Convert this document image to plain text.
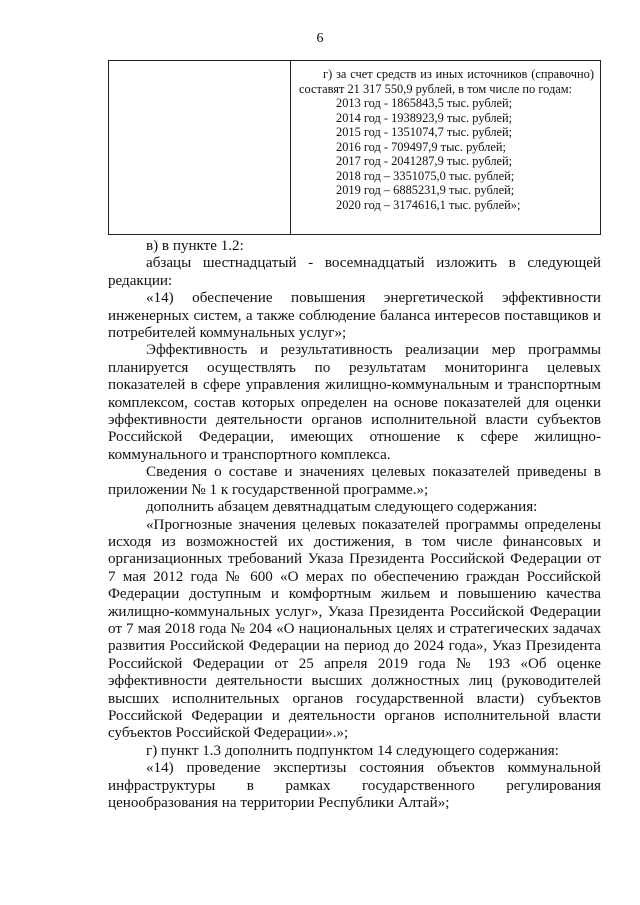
6
г) за счет средств из иных источников (справочно) составят 21 317 550,9 рублей, в том числе по годам:
2013 год - 1865843,5 тыс. рублей;
2014 год - 1938923,9 тыс. рублей;
2015 год - 1351074,7 тыс. рублей;
2016 год - 709497,9 тыс. рублей;
2017 год - 2041287,9 тыс. рублей;
2018 год – 3351075,0 тыс. рублей;
2019 год – 6885231,9 тыс. рублей;
2020 год – 3174616,1 тыс. рублей»;

в) в пункте 1.2:

абзацы шестнадцатый - восемнадцатый изложить в следующей редакции:

«14) обеспечение повышения энергетической эффективности инженерных систем, а также соблюдение баланса интересов поставщиков и потребителей коммунальных услуг»;

Эффективность и результативность реализации мер программы планируется осуществлять по результатам мониторинга целевых показателей в сфере управления жилищно-коммунальным и транспортным комплексом, состав которых определен на основе показателей для оценки эффективности деятельности органов исполнительной власти субъектов Российской Федерации, имеющих отношение к сфере жилищно-коммунального и транспортного комплекса.

Сведения о составе и значениях целевых показателей приведены в приложении № 1 к государственной программе.»;

дополнить абзацем девятнадцатым следующего содержания:

«Прогнозные значения целевых показателей программы определены исходя из возможностей их достижения, в том числе финансовых и организационных требований Указа Президента Российской Федерации от 7 мая 2012 года № 600 «О мерах по обеспечению граждан Российской Федерации доступным и комфортным жильем и повышению качества жилищно-коммунальных услуг», Указа Президента Российской Федерации от 7 мая 2018 года № 204 «О национальных целях и стратегических задачах развития Российской Федерации на период до 2024 года», Указ Президента Российской Федерации от 25 апреля 2019 года № 193 «Об оценке эффективности деятельности высших должностных лиц (руководителей высших исполнительных органов государственной власти) субъектов Российской Федерации и деятельности органов исполнительной власти субъектов Российской Федерации».»;

г) пункт 1.3 дополнить подпунктом 14 следующего содержания:

«14) проведение экспертизы состояния объектов коммунальной инфраструктуры в рамках государственного регулирования ценообразования на территории Республики Алтай»;
